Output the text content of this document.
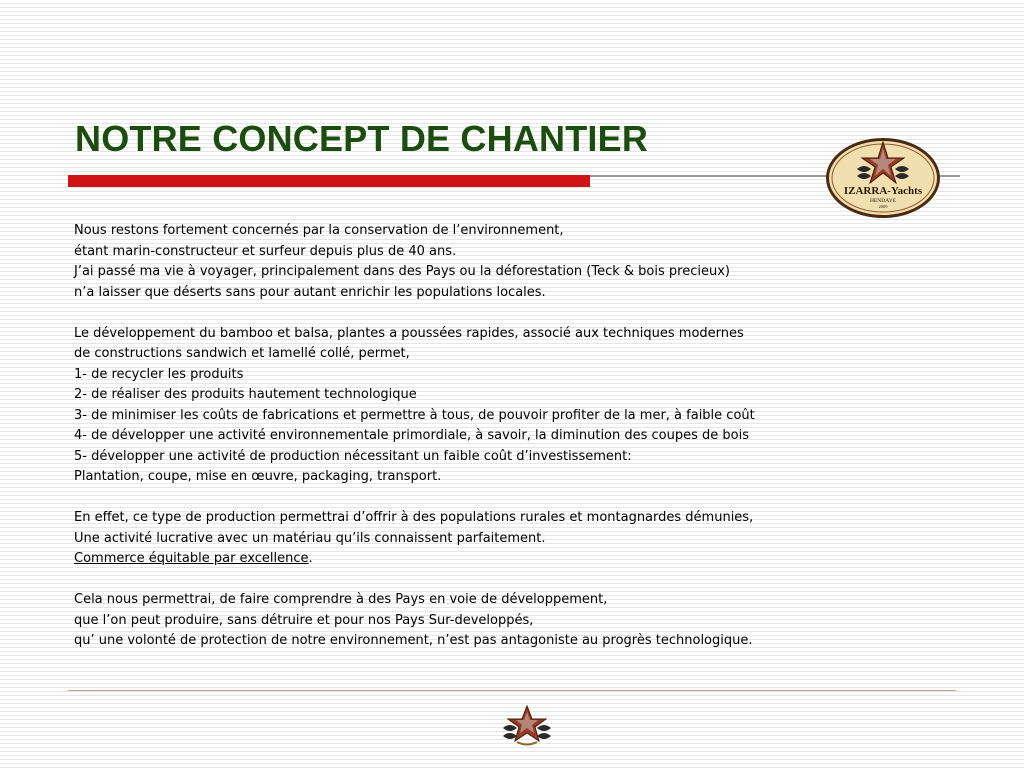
NOTRE CONCEPT DE CHANTIER
IZARRA-Yachts
HENDAYE
2009
Nous restons fortement concernés par la conservation de l’environnement,
étant marin-constructeur et surfeur depuis plus de 40 ans.
J’ai passé ma vie à voyager, principalement dans des Pays ou la déforestation (Teck & bois precieux)
n’a laisser que déserts sans pour autant enrichir les populations locales.
Le développement du bamboo et balsa, plantes a poussées rapides, associé aux techniques modernes
de constructions sandwich et lamellé collé, permet,
1- de recycler les produits
2- de réaliser des produits hautement technologique
3- de minimiser les coûts de fabrications et permettre à tous, de pouvoir profiter de la mer, à faible coût
4- de développer une activité environnementale primordiale, à savoir, la diminution des coupes de bois
5- développer une activité de production nécessitant un faible coût d’investissement:
Plantation, coupe, mise en œuvre, packaging, transport.
En effet, ce type de production permettrai d’offrir à des populations rurales et montagnardes démunies,
Une activité lucrative avec un matériau qu’ils connaissent parfaitement.
Commerce équitable par excellence.
Cela nous permettrai, de faire comprendre à des Pays en voie de développement,
que l’on peut produire, sans détruire et pour nos Pays Sur-developpés,
qu’ une volonté de protection de notre environnement, n’est pas antagoniste au progrès technologique.
